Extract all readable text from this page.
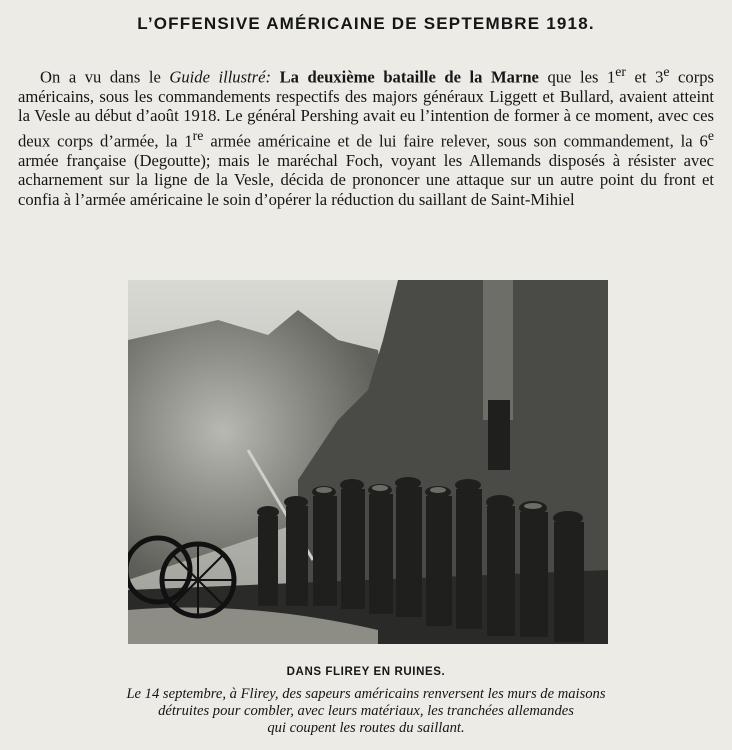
L’OFFENSIVE AMÉRICAINE DE SEPTEMBRE 1918.

On a vu dans le Guide illustré: La deuxième bataille de la Marne que les 1er et 3e corps américains, sous les commandements respectifs des majors généraux Liggett et Bullard, avaient atteint la Vesle au début d’août 1918. Le général Pershing avait eu l’intention de former à ce moment, avec ces deux corps d’armée, la 1re armée américaine et de lui faire relever, sous son commandement, la 6e armée française (Degoutte); mais le maréchal Foch, voyant les Allemands disposés à résister avec acharnement sur la ligne de la Vesle, décida de prononcer une attaque sur un autre point du front et confia à l’armée américaine le soin d’opérer la réduction du saillant de Saint-Mihiel

DANS FLIREY EN RUINES.

Le 14 septembre, à Flirey, des sapeurs américains renversent les murs de maisons
détruites pour combler, avec leurs matériaux, les tranchées allemandes
qui coupent les routes du saillant.
